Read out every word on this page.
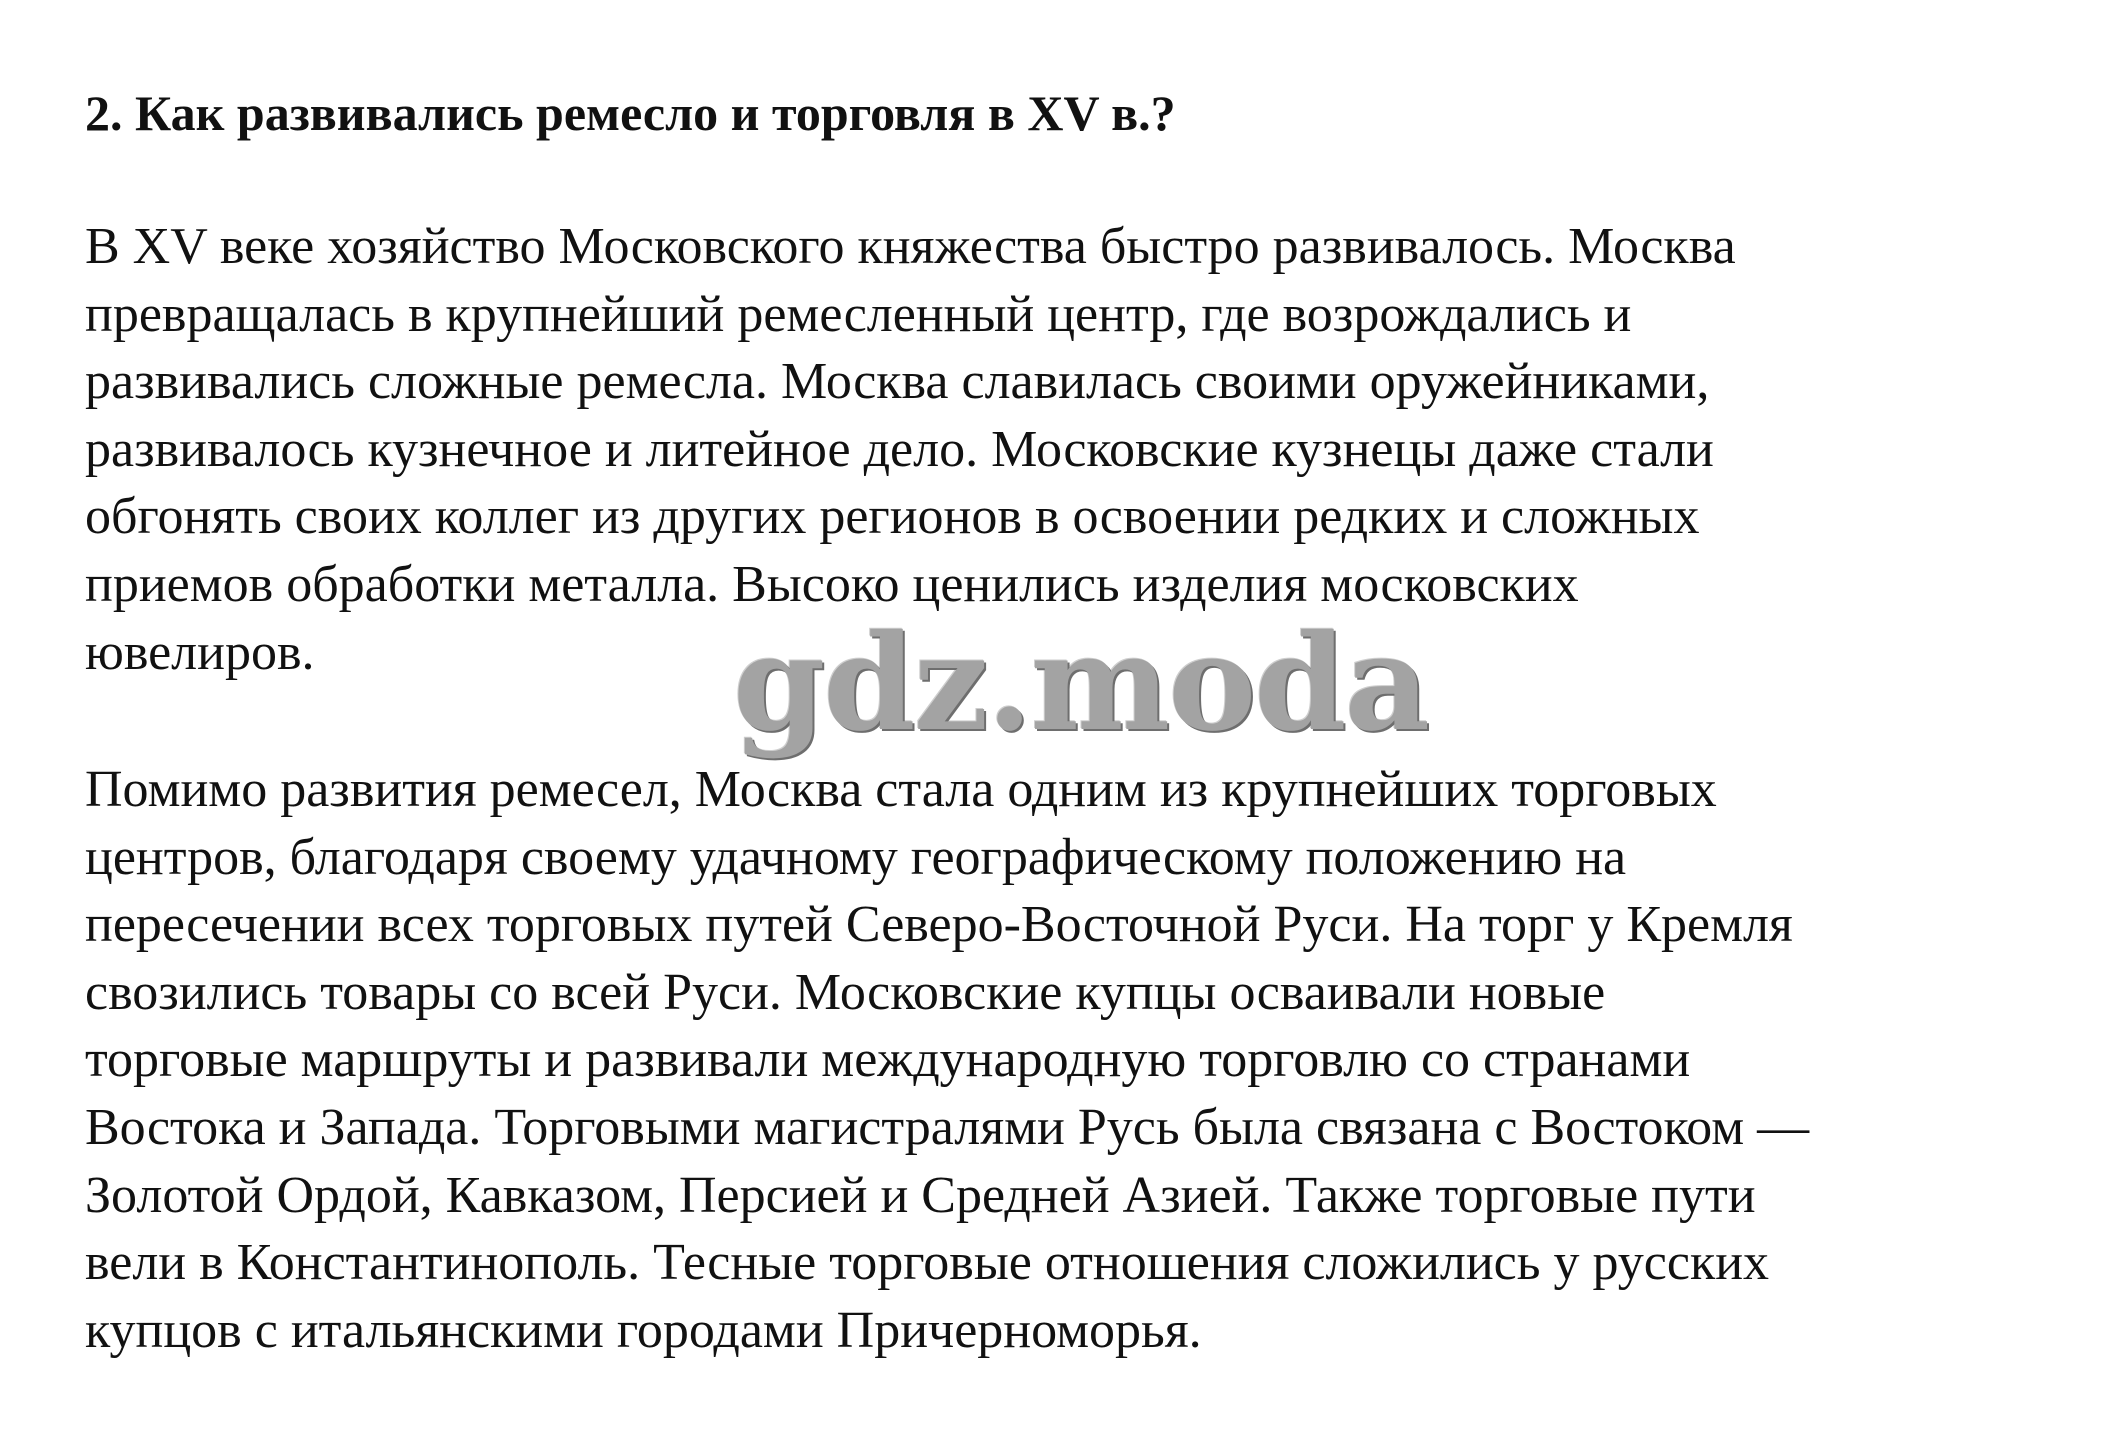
2. Как развивались ремесло и торговля в XV в.?

В XV веке хозяйство Московского княжества быстро развивалось. Москва
превращалась в крупнейший ремесленный центр, где возрождались и
развивались сложные ремесла. Москва славилась своими оружейниками,
развивалось кузнечное и литейное дело. Московские кузнецы даже стали
обгонять своих коллег из других регионов в освоении редких и сложных
приемов обработки металла. Высоко ценились изделия московских
ювелиров.	gdz.moda

Помимо развития ремесел, Москва стала одним из крупнейших торговых
центров, благодаря своему удачному географическому положению на
пересечении всех торговых путей Северо-Восточной Руси. На торг у Кремля
свозились товары со всей Руси. Московские купцы осваивали новые
торговые маршруты и развивали международную торговлю со странами
Востока и Запада. Торговыми магистралями Русь была связана с Востоком —
Золотой Ордой, Кавказом, Персией и Средней Азией. Также торговые пути
вели в Константинополь. Тесные торговые отношения сложились у русских
купцов с итальянскими городами Причерноморья.
